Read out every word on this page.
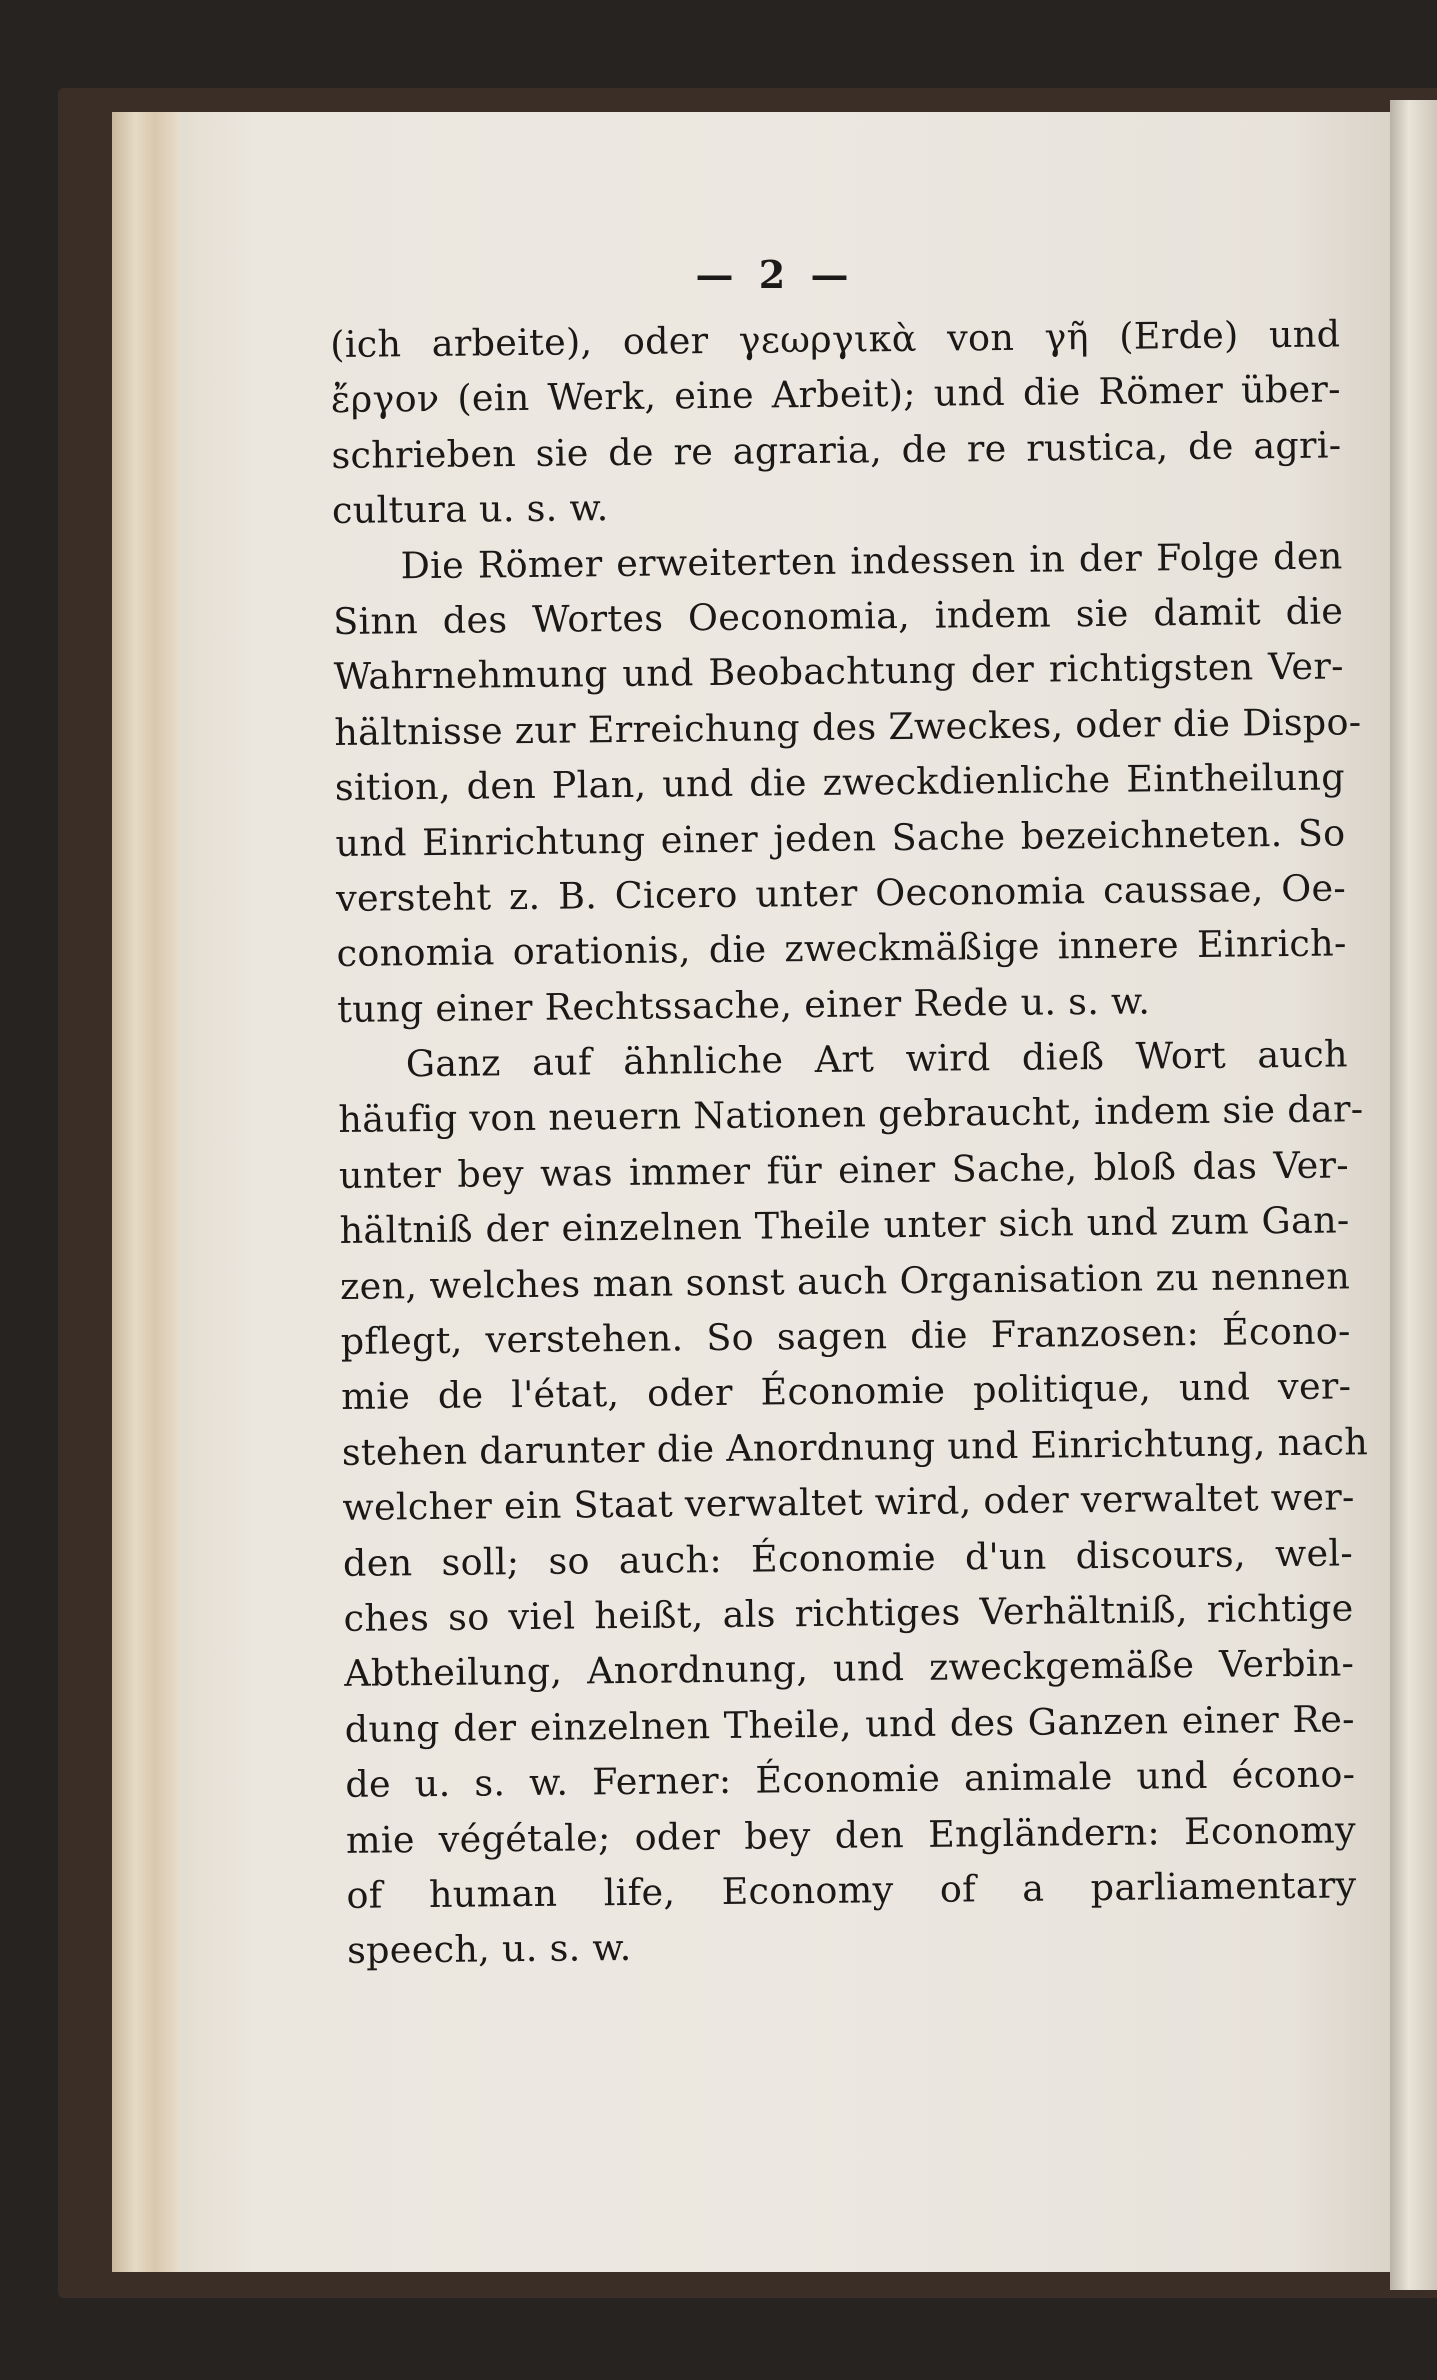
— 2 —
(ich arbeite), oder γεωργικὰ von γῆ (Erde) und
ἔργον (ein Werk, eine Arbeit); und die Römer über-
schrieben sie de re agraria, de re rustica, de agri-
cultura u. s. w.
Die Römer erweiterten indessen in der Folge den
Sinn des Wortes Oeconomia, indem sie damit die
Wahrnehmung und Beobachtung der richtigsten Ver-
hältnisse zur Erreichung des Zweckes, oder die Dispo-
sition, den Plan, und die zweckdienliche Eintheilung
und Einrichtung einer jeden Sache bezeichneten. So
versteht z. B. Cicero unter Oeconomia caussae, Oe-
conomia orationis, die zweckmäßige innere Einrich-
tung einer Rechtssache, einer Rede u. s. w.
Ganz auf ähnliche Art wird dieß Wort auch
häufig von neuern Nationen gebraucht, indem sie dar-
unter bey was immer für einer Sache, bloß das Ver-
hältniß der einzelnen Theile unter sich und zum Gan-
zen, welches man sonst auch Organisation zu nennen
pflegt, verstehen. So sagen die Franzosen: Écono-
mie de l'état, oder Économie politique, und ver-
stehen darunter die Anordnung und Einrichtung, nach
welcher ein Staat verwaltet wird, oder verwaltet wer-
den soll; so auch: Économie d'un discours, wel-
ches so viel heißt, als richtiges Verhältniß, richtige
Abtheilung, Anordnung, und zweckgemäße Verbin-
dung der einzelnen Theile, und des Ganzen einer Re-
de u. s. w. Ferner: Économie animale und écono-
mie végétale; oder bey den Engländern: Economy
of human life, Economy of a parliamentary
speech, u. s. w.
